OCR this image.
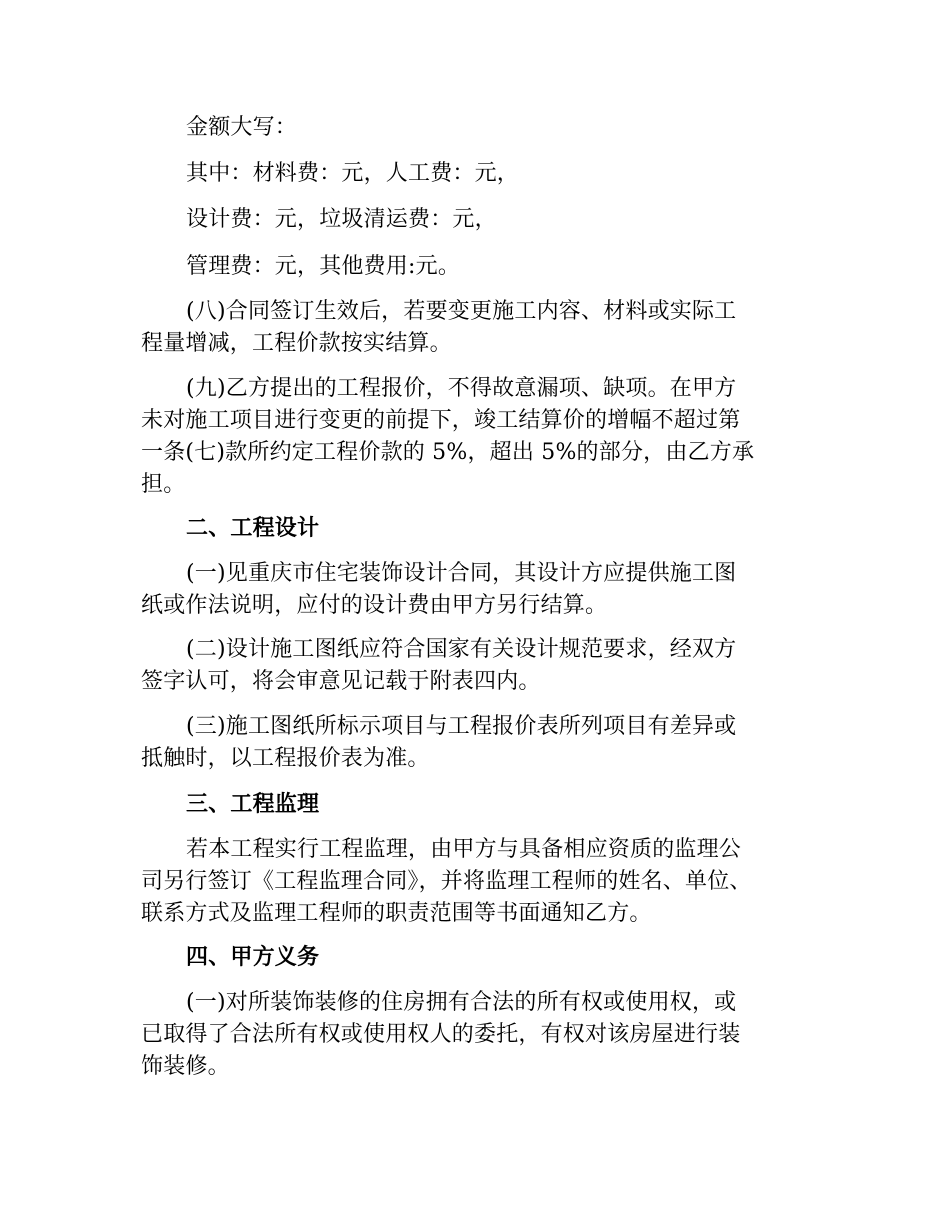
金额大写：
其中：材料费：元，人工费：元，
设计费：元，垃圾清运费：元，
管理费：元，其他费用:元。
(八)合同签订生效后，若要变更施工内容、材料或实际工
程量增减，工程价款按实结算。
(九)乙方提出的工程报价，不得故意漏项、缺项。在甲方
未对施工项目进行变更的前提下，竣工结算价的增幅不超过第
一条(七)款所约定工程价款的 5%，超出 5%的部分，由乙方承
担。
二、工程设计
(一)见重庆市住宅装饰设计合同，其设计方应提供施工图
纸或作法说明，应付的设计费由甲方另行结算。
(二)设计施工图纸应符合国家有关设计规范要求，经双方
签字认可，将会审意见记载于附表四内。
(三)施工图纸所标示项目与工程报价表所列项目有差异或
抵触时，以工程报价表为准。
三、工程监理
若本工程实行工程监理，由甲方与具备相应资质的监理公
司另行签订《工程监理合同》，并将监理工程师的姓名、单位、
联系方式及监理工程师的职责范围等书面通知乙方。
四、甲方义务
(一)对所装饰装修的住房拥有合法的所有权或使用权，或
已取得了合法所有权或使用权人的委托，有权对该房屋进行装
饰装修。
